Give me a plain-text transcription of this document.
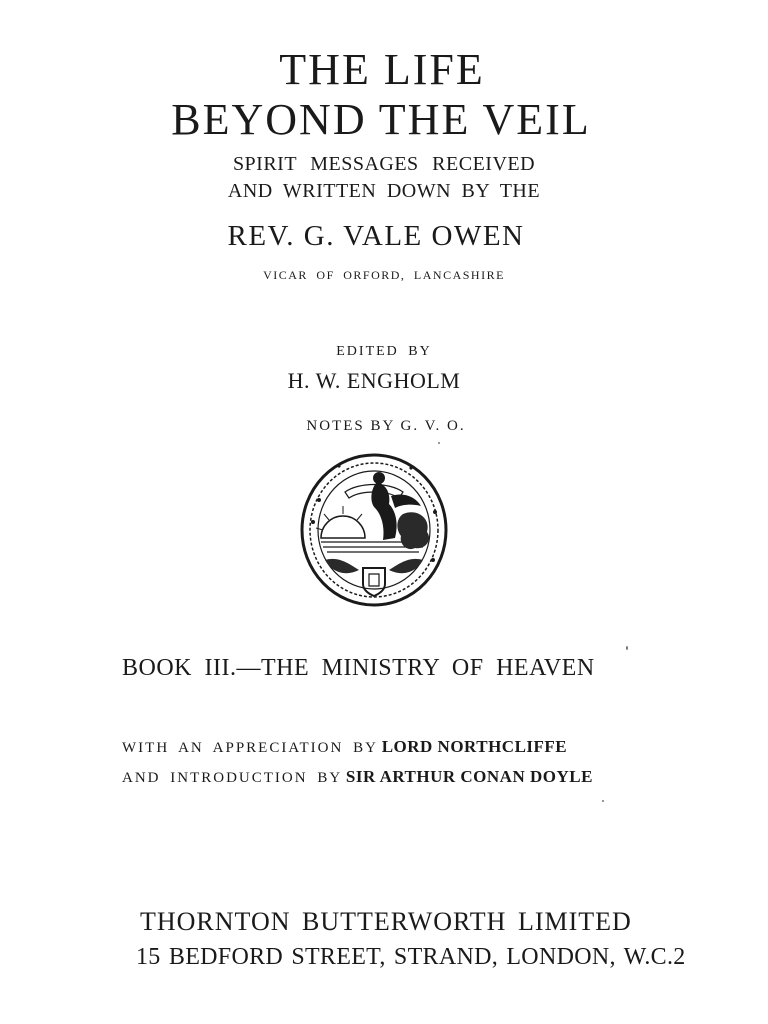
THE LIFE
BEYOND THE VEIL
SPIRIT MESSAGES RECEIVED
AND WRITTEN DOWN BY THE
REV. G. VALE OWEN
VICAR OF ORFORD, LANCASHIRE
EDITED BY
H. W. ENGHOLM
NOTES BY G. V. O.
BOOK III.—THE MINISTRY OF HEAVEN
WITH AN APPRECIATION BY LORD NORTHCLIFFE
AND INTRODUCTION BY SIR ARTHUR CONAN DOYLE
THORNTON BUTTERWORTH LIMITED
15 BEDFORD STREET, STRAND, LONDON, W.C.2
